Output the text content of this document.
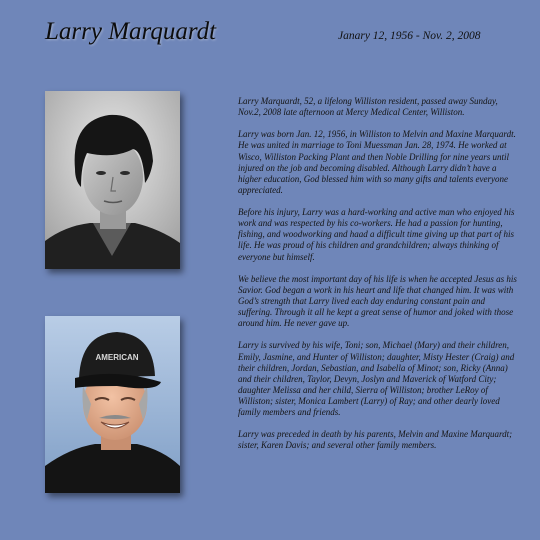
Larry Marquardt	Janary 12, 1956 - Nov. 2, 2008
AMERICAN

Larry Marquardt, 52, a lifelong Williston resident, passed away Sunday, Nov.2, 2008 late afternoon at Mercy Medical Center, Williston.

Larry was born Jan. 12, 1956, in Williston to Melvin and Maxine Marquardt. He was united in marriage to Toni Muessman Jan. 28, 1974. He worked at Wisco, Williston Packing Plant and then Noble Drilling for nine years until injured on the job and becoming disabled. Although Larry didn’t have a higher education, God blessed him with so many gifts and talents everyone appreciated.

Before his injury, Larry was a hard-working and active man who enjoyed his work and was respected by his co-workers. He had a passion for hunting, fishing, and woodworking and haad a difficult time giving up that part of his life. He was proud of his children and grandchildren; always thinking of everyone but himself.

We believe the most important day of his life is when he accepted Jesus as his Savior. God began a work in his heart and life that changed him. It was with God’s strength that Larry lived each day enduring constant pain and suffering. Through it all he kept a great sense of humor and joked with those around him. He never gave up.

Larry is survived by his wife, Toni; son, Michael (Mary) and their children, Emily, Jasmine, and Hunter of Williston; daughter, Misty Hester (Craig) and their children, Jordan, Sebastian, and Isabella of Minot; son, Ricky (Anna) and their children, Taylor, Devyn, Joslyn and Maverick of Watford City; daughter Melissa and her child, Sierra of Williston; brother LeRoy of Williston; sister, Monica Lambert (Larry) of Ray; and other dearly loved family members and friends.

Larry was preceded in death by his parents, Melvin and Maxine Marquardt; sister, Karen Davis; and several other family members.
